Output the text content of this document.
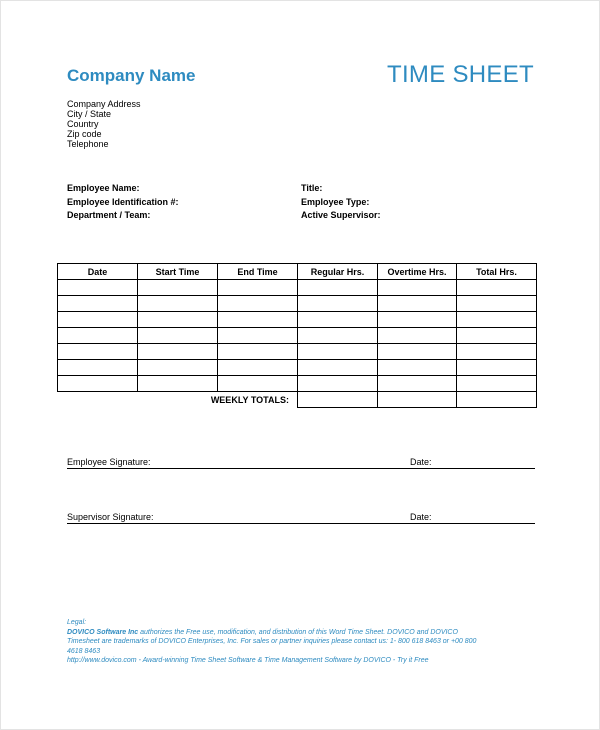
Company Name	TIME SHEET
Company Address
City / State
Country
Zip code
Telephone
Employee Name:
Employee Identification #:
Department / Team:
Title:
Employee Type:
Active Supervisor:
Date	Start Time	End Time	Regular Hrs.	Overtime Hrs.	Total Hrs.

WEEKLY TOTALS:					
Employee Signature:	Date:
Supervisor Signature:	Date:
Legal:
DOVICO Software Inc authorizes the Free use, modification, and distribution of this Word Time Sheet. DOVICO and DOVICO
Timesheet are trademarks of DOVICO Enterprises, Inc. For sales or partner inquiries please contact us: 1- 800 618 8463 or +00 800
4618 8463
http://www.dovico.com - Award-winning Time Sheet Software & Time Management Software by DOVICO - Try it Free
